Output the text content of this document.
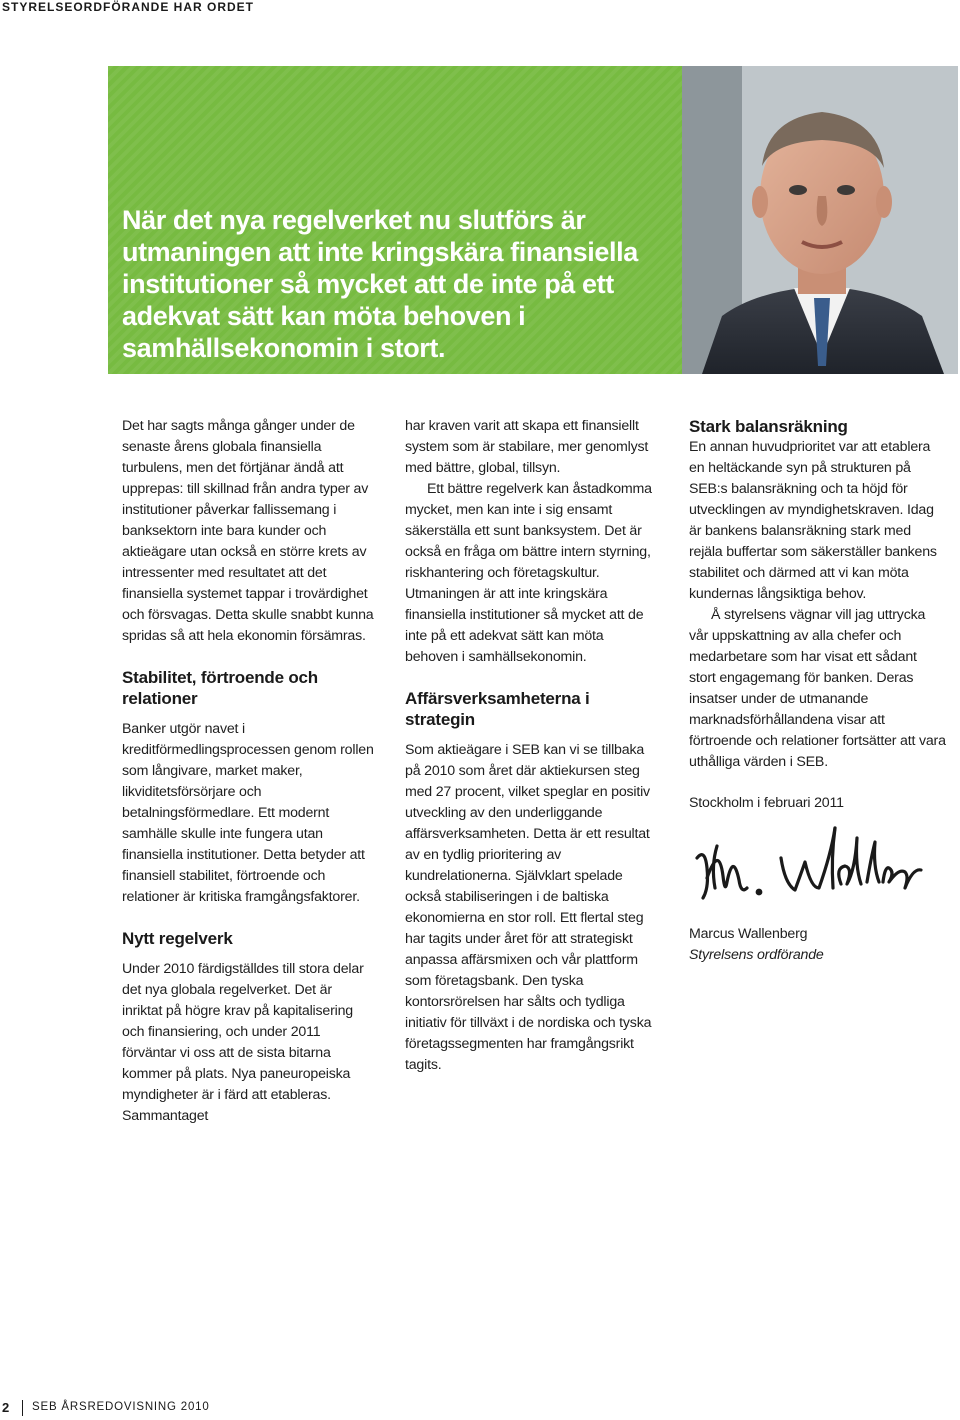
STYRELSEORDFÖRANDE HAR ORDET

När det nya regelverket nu slutförs är utmaningen att inte kringskära finansiella institutioner så mycket att de inte på ett adekvat sätt kan möta behoven i samhällsekonomin i stort.

Det har sagts många gånger under de senaste årens globala finansiella turbulens, men det förtjänar ändå att upprepas: till skillnad från andra typer av institutioner påverkar fallissemang i banksektorn inte bara kunder och aktieägare utan också en större krets av intressenter med resultatet att det finansiella systemet tappar i trovärdighet och försvagas. Detta skulle snabbt kunna spridas så att hela ekonomin försämras.

Stabilitet, förtroende och relationer

Banker utgör navet i kreditförmedlingsprocessen genom rollen som långivare, market maker, likviditetsförsörjare och betalningsförmedlare. Ett modernt samhälle skulle inte fungera utan finansiella institutioner. Detta betyder att finansiell stabilitet, förtroende och relationer är kritiska framgångsfaktorer.

Nytt regelverk

Under 2010 färdigställdes till stora delar det nya globala regelverket. Det är inriktat på högre krav på kapitalisering och finansiering, och under 2011 förväntar vi oss att de sista bitarna kommer på plats. Nya paneuropeiska myndigheter är i färd att etableras. Sammantaget

har kraven varit att skapa ett finansiellt system som är stabilare, mer genomlyst med bättre, global, tillsyn.

Ett bättre regelverk kan åstadkomma mycket, men kan inte i sig ensamt säkerställa ett sunt banksystem. Det är också en fråga om bättre intern styrning, riskhantering och företagskultur. Utmaningen är att inte kringskära finansiella institutioner så mycket att de inte på ett adekvat sätt kan möta behoven i samhällsekonomin.

Affärsverksamheterna i strategin

Som aktieägare i SEB kan vi se tillbaka på 2010 som året där aktiekursen steg med 27 procent, vilket speglar en positiv utveckling av den underliggande affärsverksamheten. Detta är ett resultat av en tydlig prioritering av kundrelationerna. Självklart spelade också stabiliseringen i de baltiska ekonomierna en stor roll. Ett flertal steg har tagits under året för att strategiskt anpassa affärsmixen och vår plattform som företagsbank. Den tyska kontorsrörelsen har sålts och tydliga initiativ för tillväxt i de nordiska och tyska företagssegmenten har framgångsrikt tagits.

Stark balansräkning

En annan huvudprioritet var att etablera en heltäckande syn på strukturen på SEB:s balansräkning och ta höjd för utvecklingen av myndighetskraven. Idag är bankens balansräkning stark med rejäla buffertar som säkerställer bankens stabilitet och därmed att vi kan möta kundernas långsiktiga behov.

Å styrelsens vägnar vill jag uttrycka vår uppskattning av alla chefer och medarbetare som har visat ett sådant stort engagemang för banken. Deras insatser under de utmanande marknadsförhållandena visar att förtroende och relationer fortsätter att vara uthålliga värden i SEB.

Stockholm i februari 2011

Marcus Wallenberg

Styrelsens ordförande

2 SEB ÅRSREDOVISNING 2010
